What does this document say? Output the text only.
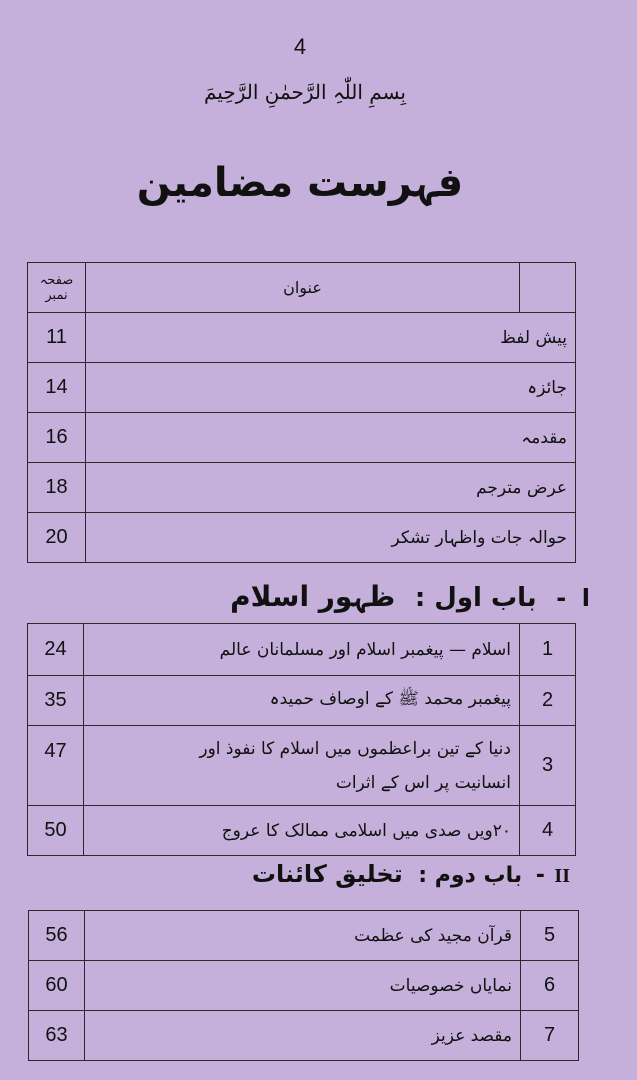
4
بِسمِ اللّٰہِ الرَّحمٰنِ الرَّحِیمَ
فہرست مضامین
	عنوان	صفحہ نمبر
پیش لفظ		11
جائزہ		14
مقدمہ		16
عرض مترجم		18
حوالہ جات واظہار تشکر		20
ا - باب اول : ظہور اسلام
1	اسلام — پیغمبر اسلام اور مسلمانان عالم	24
2	پیغمبر محمد ﷺ کے اوصاف حمیدہ	35
3	دنیا کے تین براعظموں میں اسلام کا نفوذ اور
انسانیت پر اس کے اثرات	47
4	۲۰ویں صدی میں اسلامی ممالک کا عروج	50
II - باب دوم : تخلیق کائنات
5	قرآن مجید کی عظمت	56
6	نمایاں خصوصیات	60
7	مقصد عزیز	63
